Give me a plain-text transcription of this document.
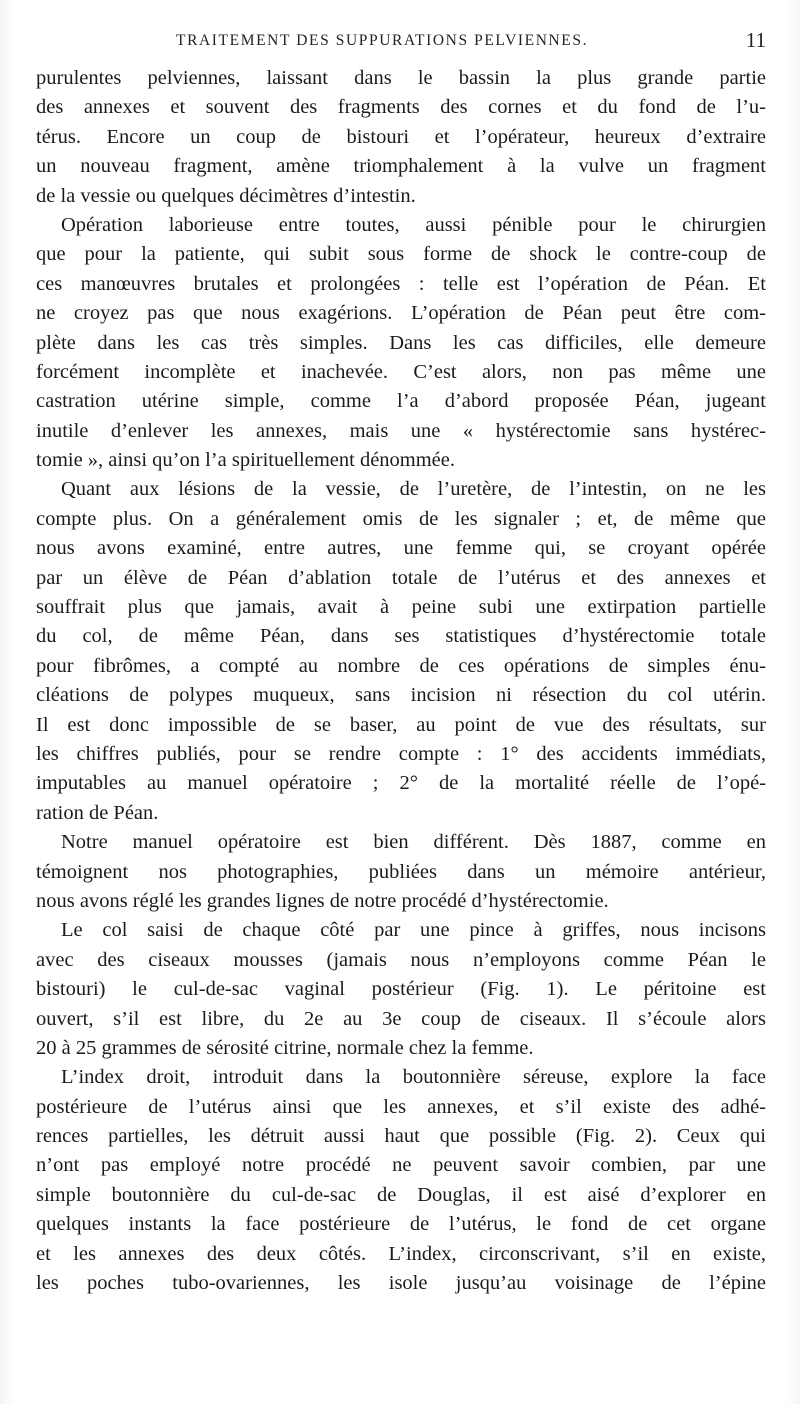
TRAITEMENT DES SUPPURATIONS PELVIENNES.	11
purulentes pelviennes, laissant dans le bassin la plus grande partie
des annexes et souvent des fragments des cornes et du fond de l’u-
térus. Encore un coup de bistouri et l’opérateur, heureux d’extraire
un nouveau fragment, amène triomphalement à la vulve un fragment
de la vessie ou quelques décimètres d’intestin.
Opération laborieuse entre toutes, aussi pénible pour le chirurgien
que pour la patiente, qui subit sous forme de shock le contre-coup de
ces manœuvres brutales et prolongées : telle est l’opération de Péan. Et
ne croyez pas que nous exagérions. L’opération de Péan peut être com-
plète dans les cas très simples. Dans les cas difficiles, elle demeure
forcément incomplète et inachevée. C’est alors, non pas même une
castration utérine simple, comme l’a d’abord proposée Péan, jugeant
inutile d’enlever les annexes, mais une « hystérectomie sans hystérec-
tomie », ainsi qu’on l’a spirituellement dénommée.
Quant aux lésions de la vessie, de l’uretère, de l’intestin, on ne les
compte plus. On a généralement omis de les signaler ; et, de même que
nous avons examiné, entre autres, une femme qui, se croyant opérée
par un élève de Péan d’ablation totale de l’utérus et des annexes et
souffrait plus que jamais, avait à peine subi une extirpation partielle
du col, de même Péan, dans ses statistiques d’hystérectomie totale
pour fibrômes, a compté au nombre de ces opérations de simples énu-
cléations de polypes muqueux, sans incision ni résection du col utérin.
Il est donc impossible de se baser, au point de vue des résultats, sur
les chiffres publiés, pour se rendre compte : 1° des accidents immédiats,
imputables au manuel opératoire ; 2° de la mortalité réelle de l’opé-
ration de Péan.
Notre manuel opératoire est bien différent. Dès 1887, comme en
témoignent nos photographies, publiées dans un mémoire antérieur,
nous avons réglé les grandes lignes de notre procédé d’hystérectomie.
Le col saisi de chaque côté par une pince à griffes, nous incisons
avec des ciseaux mousses (jamais nous n’employons comme Péan le
bistouri) le cul-de-sac vaginal postérieur (Fig. 1). Le péritoine est
ouvert, s’il est libre, du 2e au 3e coup de ciseaux. Il s’écoule alors
20 à 25 grammes de sérosité citrine, normale chez la femme.
L’index droit, introduit dans la boutonnière séreuse, explore la face
postérieure de l’utérus ainsi que les annexes, et s’il existe des adhé-
rences partielles, les détruit aussi haut que possible (Fig. 2). Ceux qui
n’ont pas employé notre procédé ne peuvent savoir combien, par une
simple boutonnière du cul-de-sac de Douglas, il est aisé d’explorer en
quelques instants la face postérieure de l’utérus, le fond de cet organe
et les annexes des deux côtés. L’index, circonscrivant, s’il en existe,
les poches tubo-ovariennes, les isole jusqu’au voisinage de l’épine
